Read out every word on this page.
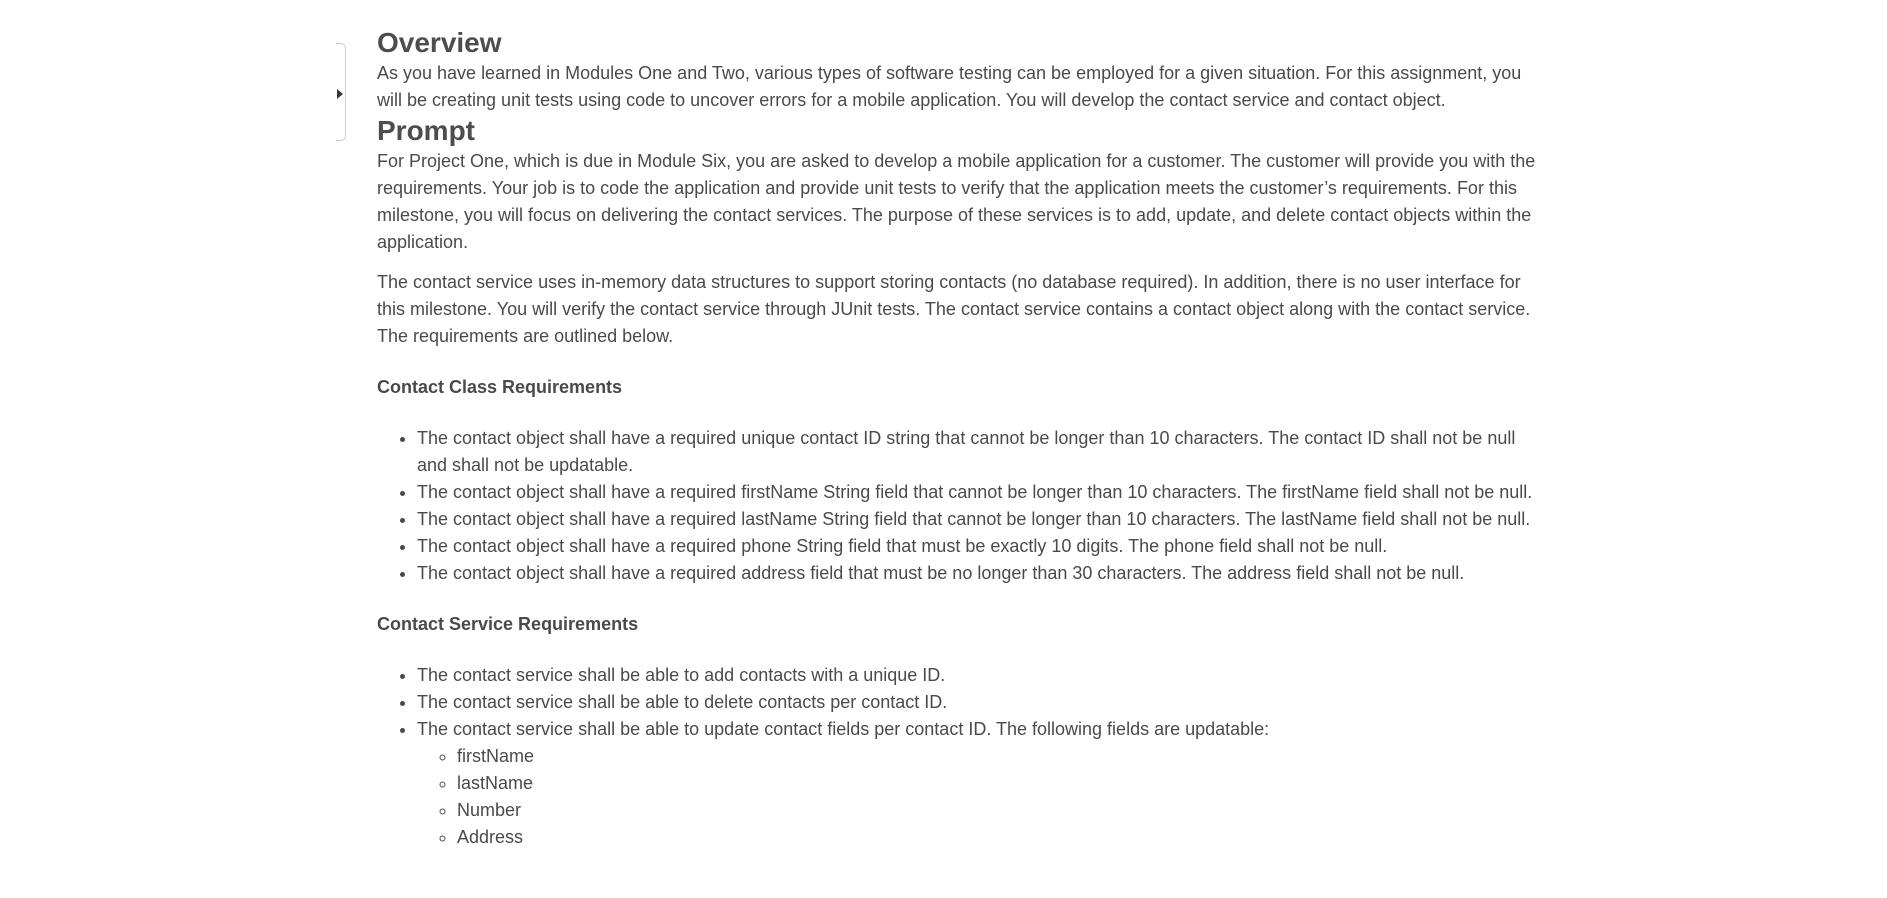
Overview

As you have learned in Modules One and Two, various types of software testing can be employed for a given situation. For this assignment, you will be creating unit tests using code to uncover errors for a mobile application. You will develop the contact service and contact object.

Prompt

For Project One, which is due in Module Six, you are asked to develop a mobile application for a customer. The customer will provide you with the requirements. Your job is to code the application and provide unit tests to verify that the application meets the customer’s requirements. For this milestone, you will focus on delivering the contact services. The purpose of these services is to add, update, and delete contact objects within the application.

The contact service uses in-memory data structures to support storing contacts (no database required). In addition, there is no user interface for this milestone. You will verify the contact service through JUnit tests. The contact service contains a contact object along with the contact service. The requirements are outlined below.

Contact Class Requirements

• The contact object shall have a required unique contact ID string that cannot be longer than 10 characters. The contact ID shall not be null and shall not be updatable.
• The contact object shall have a required firstName String field that cannot be longer than 10 characters. The firstName field shall not be null.
• The contact object shall have a required lastName String field that cannot be longer than 10 characters. The lastName field shall not be null.
• The contact object shall have a required phone String field that must be exactly 10 digits. The phone field shall not be null.
• The contact object shall have a required address field that must be no longer than 30 characters. The address field shall not be null.

Contact Service Requirements

• The contact service shall be able to add contacts with a unique ID.
• The contact service shall be able to delete contacts per contact ID.
• The contact service shall be able to update contact fields per contact ID. The following fields are updatable:
◦ firstName
◦ lastName
◦ Number
◦ Address
